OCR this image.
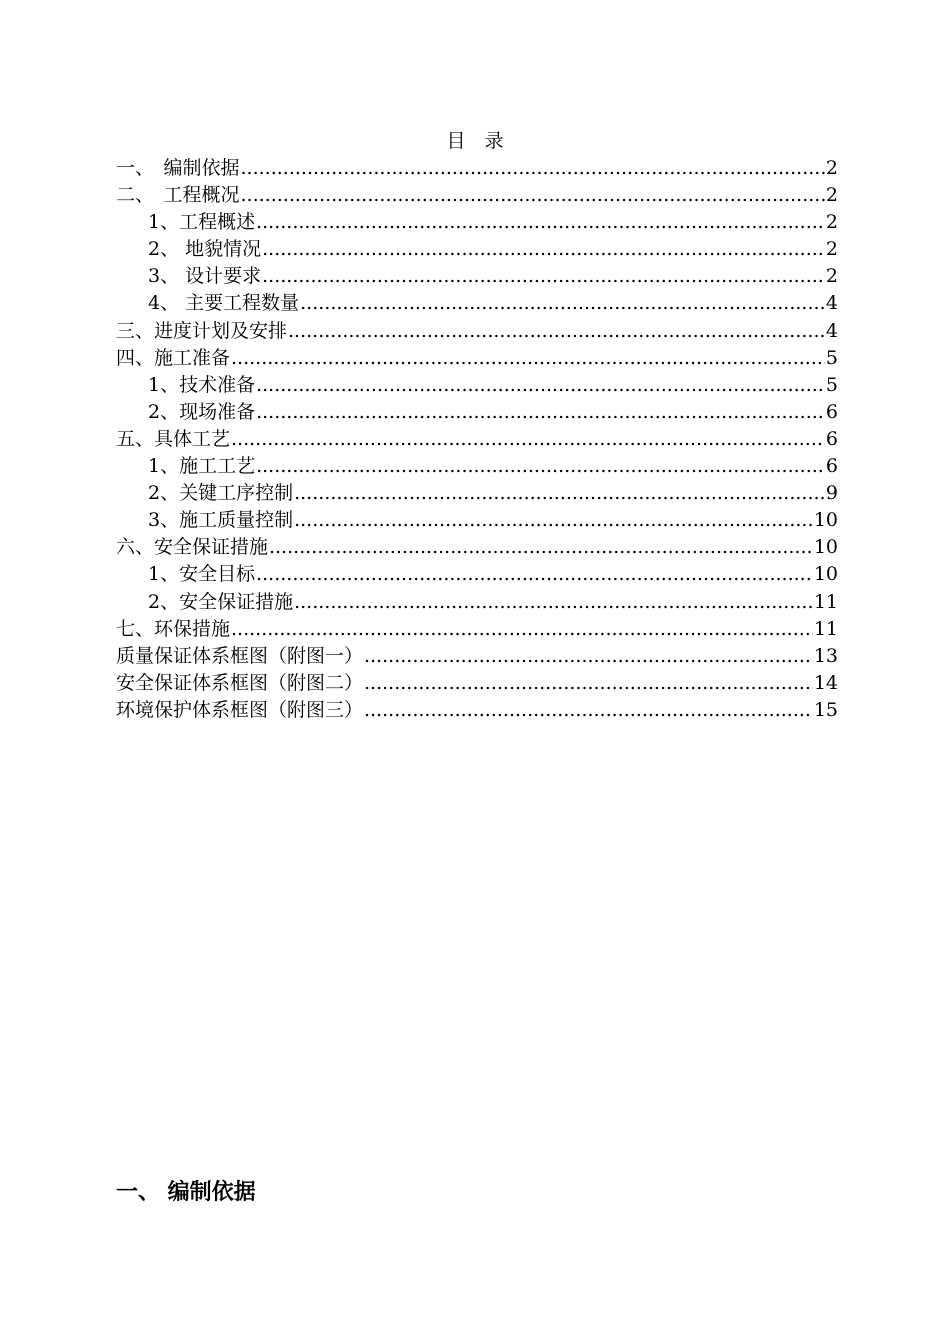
目　录
一、　编制依据 .....	2
二、　工程概况 .....	2
1、工程概述 .....	2
2、 地貌情况 .....	2
3、 设计要求 .....	2
4、 主要工程数量 .....	4
三、进度计划及安排 .....	4
四、施工准备 .....	5
1、技术准备 .....	5
2、现场准备 .....	6
五、具体工艺 .....	6
1、施工工艺 .....	6
2、关键工序控制 .....	9
3、施工质量控制 .....	10
六、安全保证措施 .....	10
1、安全目标 .....	10
2、安全保证措施 .....	11
七、环保措施 .....	11
质量保证体系框图（附图一） .....	13
安全保证体系框图（附图二） .....	14
环境保护体系框图（附图三） .....	15
一、 编制依据
